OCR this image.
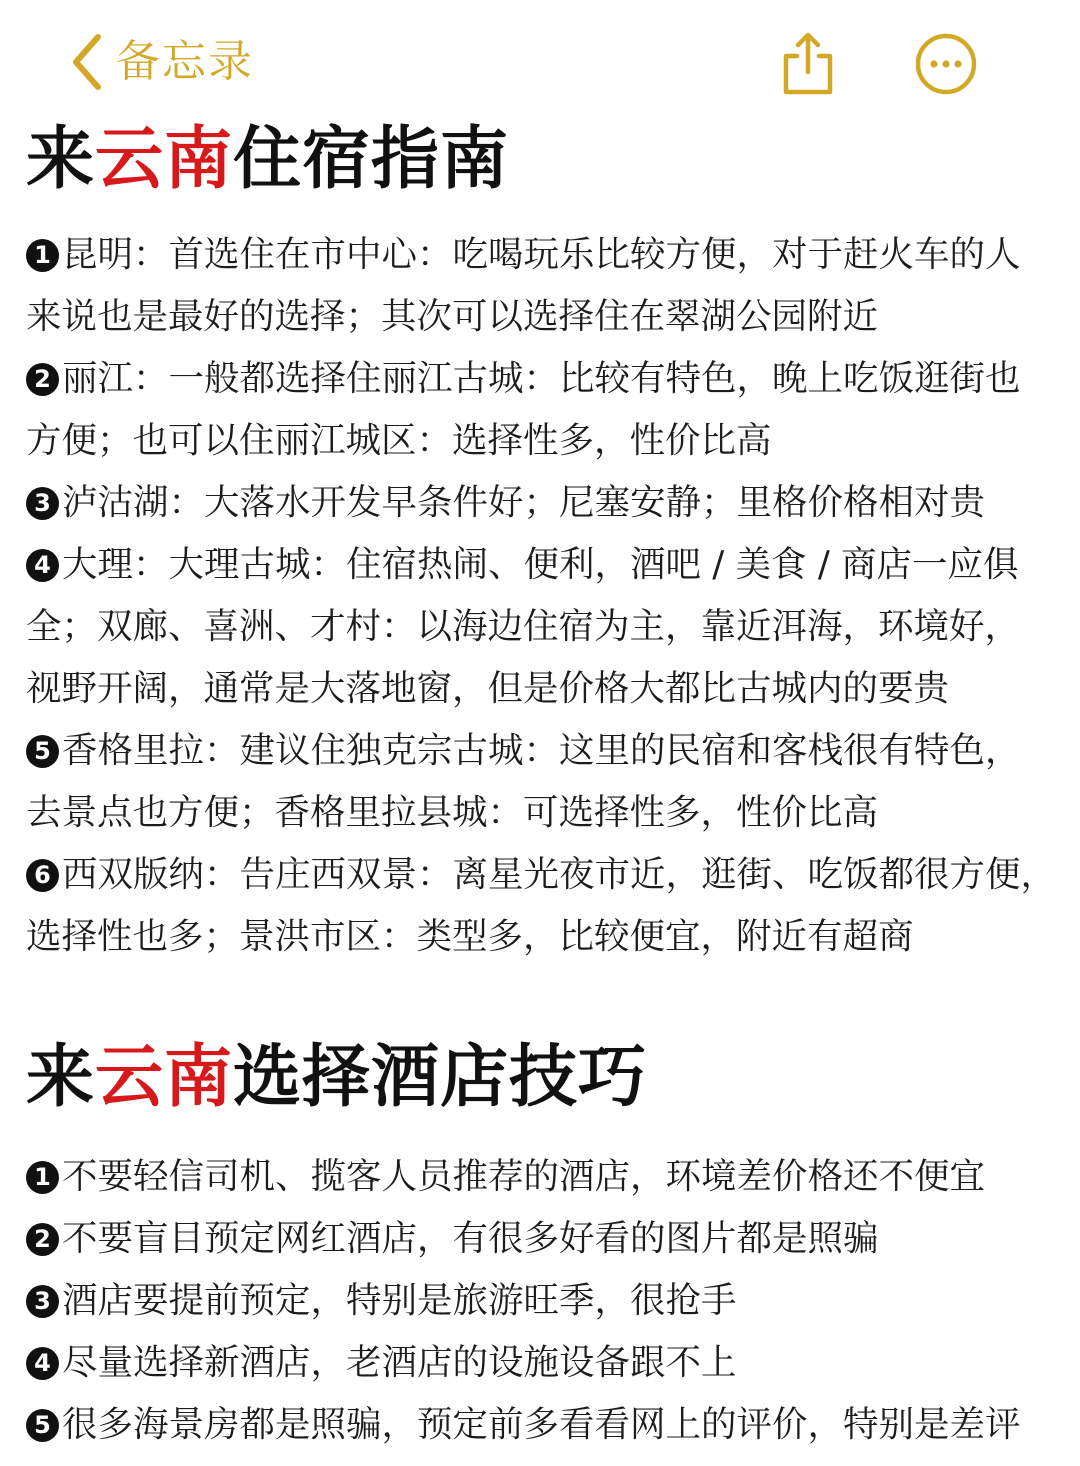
备忘录
来云南住宿指南
1 昆明：首选住在市中心：吃喝玩乐比较方便，对于赶火车的人
来说也是最好的选择；其次可以选择住在翠湖公园附近
2 丽江：一般都选择住丽江古城：比较有特色，晚上吃饭逛街也
方便；也可以住丽江城区：选择性多，性价比高
3 泸沽湖：大落水开发早条件好；尼塞安静；里格价格相对贵
4 大理：大理古城：住宿热闹、便利，酒吧 / 美食 / 商店一应俱
全；双廊、喜洲、才村：以海边住宿为主，靠近洱海，环境好，
视野开阔，通常是大落地窗，但是价格大都比古城内的要贵
5 香格里拉：建议住独克宗古城：这里的民宿和客栈很有特色，
去景点也方便；香格里拉县城：可选择性多，性价比高
6 西双版纳：告庄西双景：离星光夜市近，逛街、吃饭都很方便，
选择性也多；景洪市区：类型多，比较便宜，附近有超商
来云南选择酒店技巧
1 不要轻信司机、揽客人员推荐的酒店，环境差价格还不便宜
2 不要盲目预定网红酒店，有很多好看的图片都是照骗
3 酒店要提前预定，特别是旅游旺季，很抢手
4 尽量选择新酒店，老酒店的设施设备跟不上
5 很多海景房都是照骗，预定前多看看网上的评价，特别是差评
